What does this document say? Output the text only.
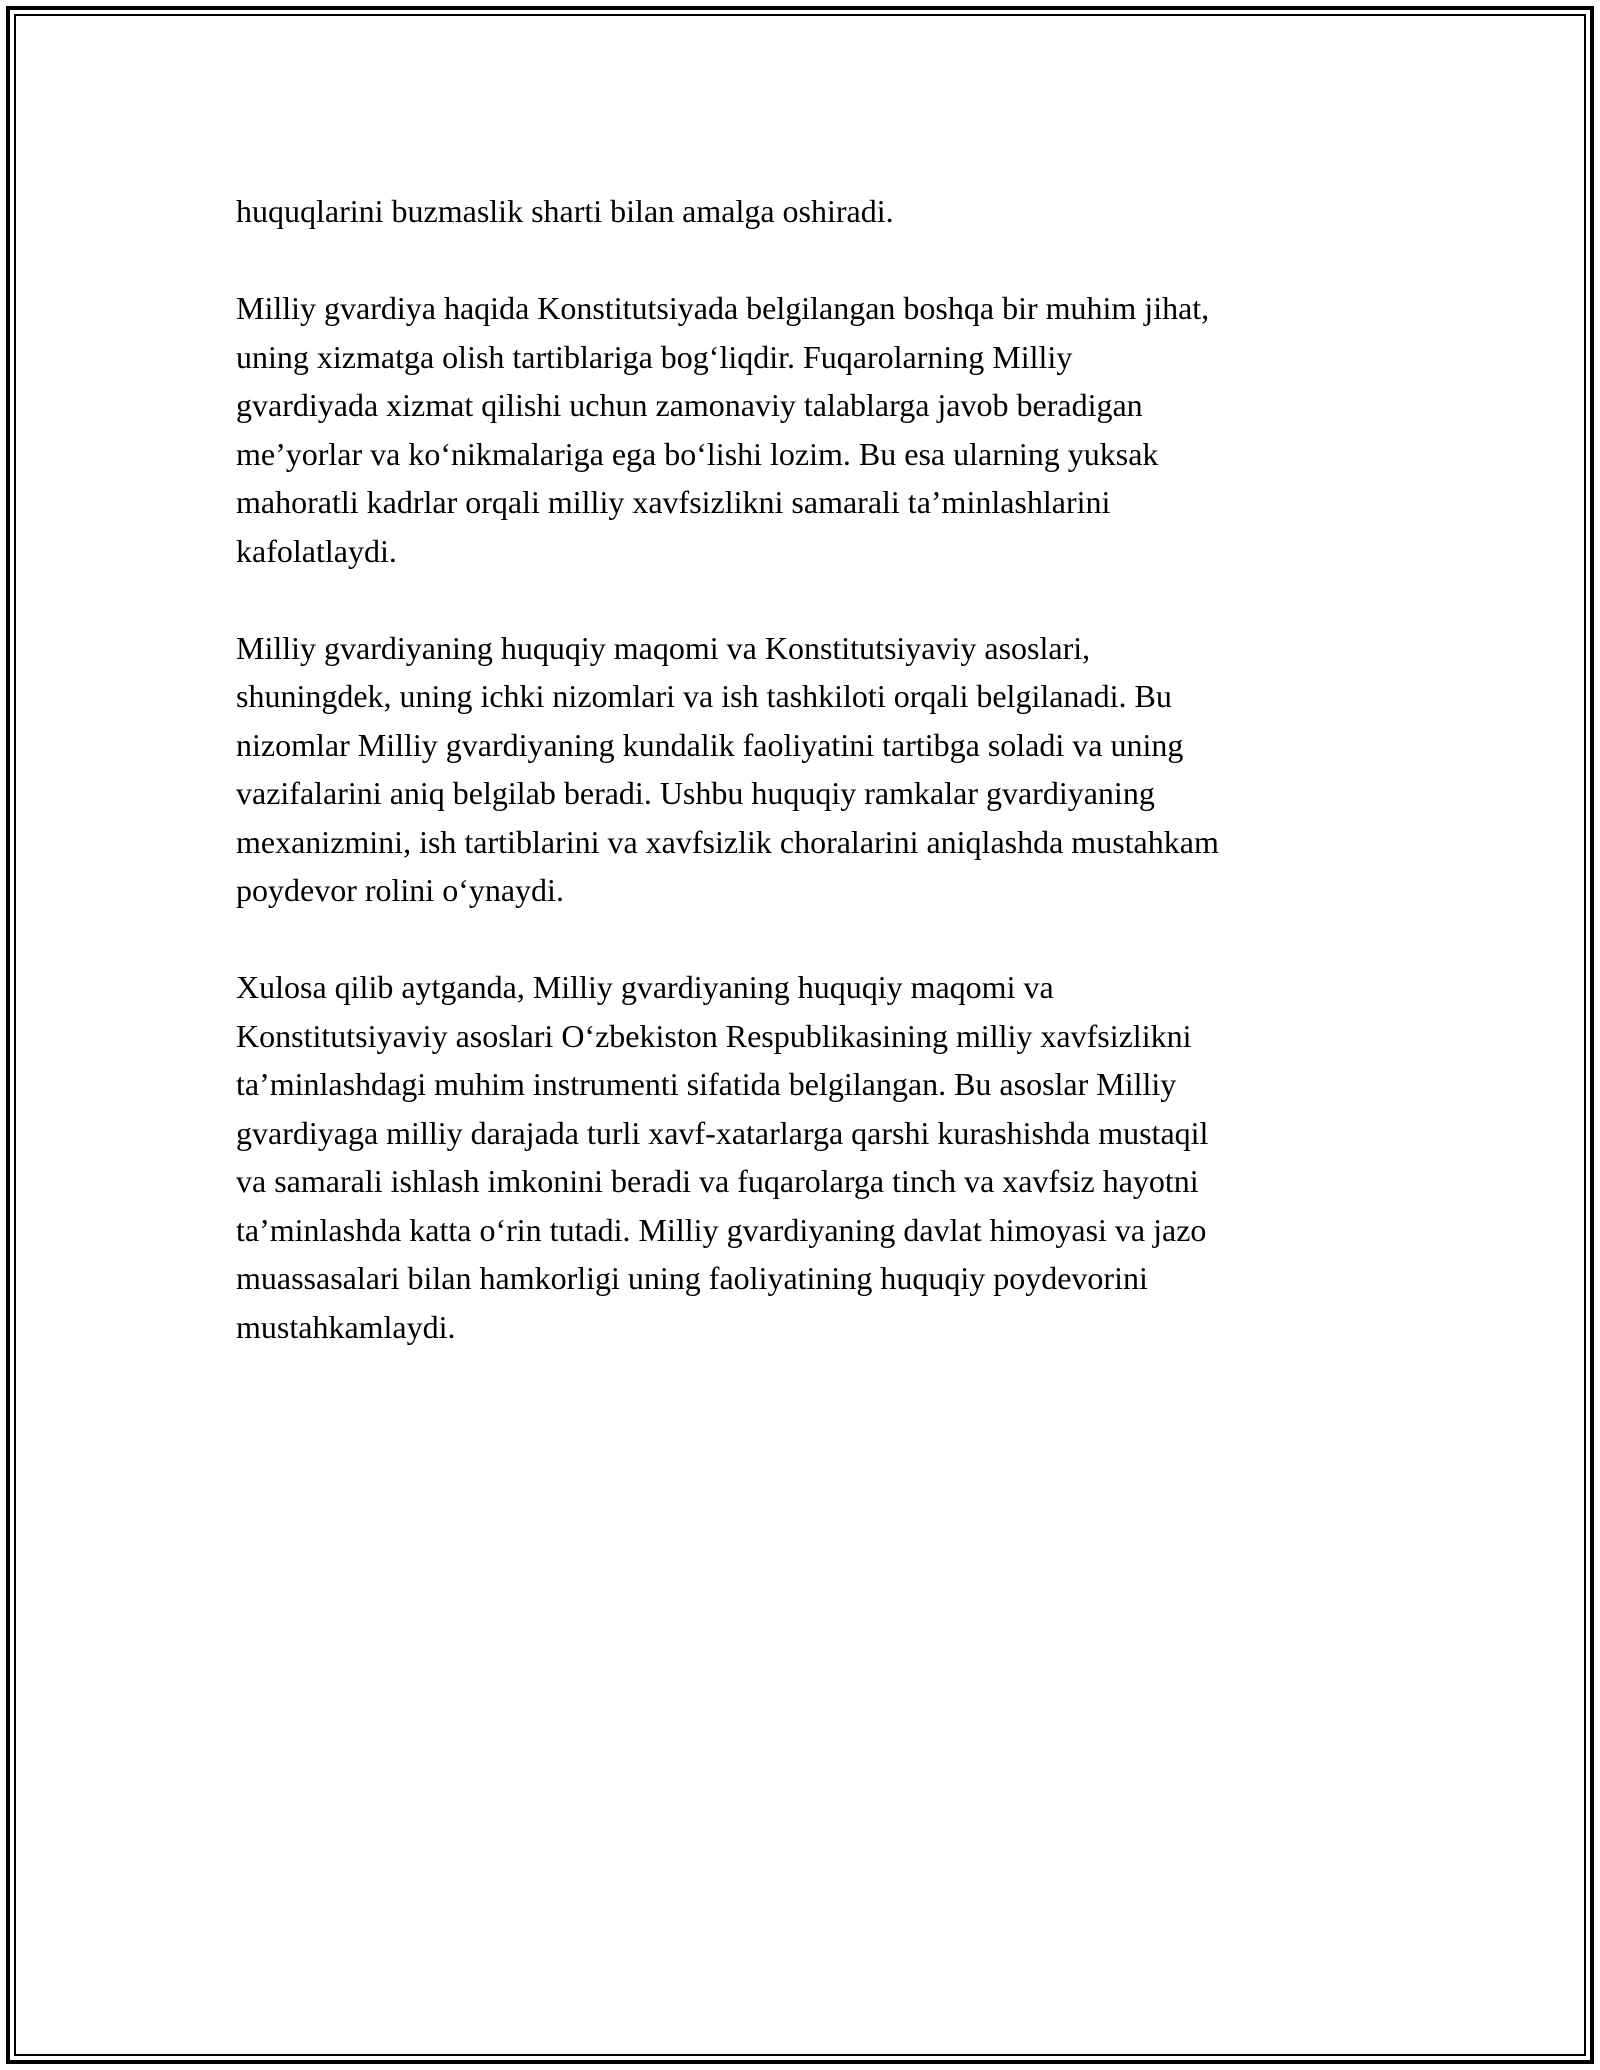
huquqlarini buzmaslik sharti bilan amalga oshiradi.

Milliy gvardiya haqida Konstitutsiyada belgilangan boshqa bir muhim jihat,
uning xizmatga olish tartiblariga bog‘liqdir. Fuqarolarning Milliy
gvardiyada xizmat qilishi uchun zamonaviy talablarga javob beradigan
me’yorlar va ko‘nikmalariga ega bo‘lishi lozim. Bu esa ularning yuksak
mahoratli kadrlar orqali milliy xavfsizlikni samarali ta’minlashlarini
kafolatlaydi.

Milliy gvardiyaning huquqiy maqomi va Konstitutsiyaviy asoslari,
shuningdek, uning ichki nizomlari va ish tashkiloti orqali belgilanadi. Bu
nizomlar Milliy gvardiyaning kundalik faoliyatini tartibga soladi va uning
vazifalarini aniq belgilab beradi. Ushbu huquqiy ramkalar gvardiyaning
mexanizmini, ish tartiblarini va xavfsizlik choralarini aniqlashda mustahkam
poydevor rolini o‘ynaydi.

Xulosa qilib aytganda, Milliy gvardiyaning huquqiy maqomi va
Konstitutsiyaviy asoslari O‘zbekiston Respublikasining milliy xavfsizlikni
ta’minlashdagi muhim instrumenti sifatida belgilangan. Bu asoslar Milliy
gvardiyaga milliy darajada turli xavf-xatarlarga qarshi kurashishda mustaqil
va samarali ishlash imkonini beradi va fuqarolarga tinch va xavfsiz hayotni
ta’minlashda katta o‘rin tutadi. Milliy gvardiyaning davlat himoyasi va jazo
muassasalari bilan hamkorligi uning faoliyatining huquqiy poydevorini
mustahkamlaydi.
